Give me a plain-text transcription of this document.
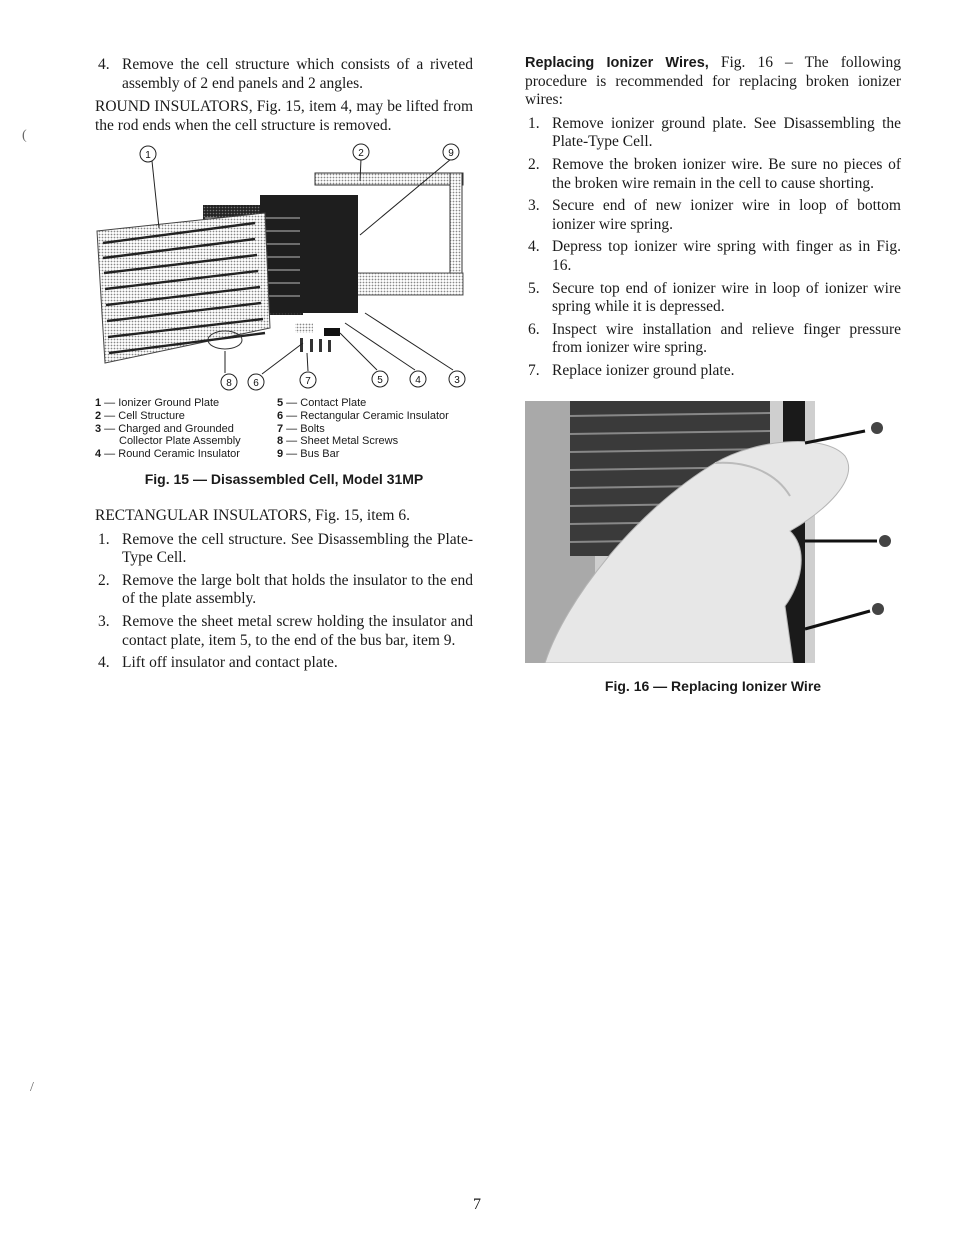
(
/
4. Remove the cell structure which consists of a riveted assembly of 2 end panels and 2 angles.

ROUND INSULATORS, Fig. 15, item 4, may be lifted from the rod ends when the cell structure is removed.

1	2	9
8 6	7	5	4	3
1 — Ionizer Ground Plate	5 — Contact Plate
2 — Cell Structure	6 — Rectangular Ceramic Insulator
3 — Charged and Grounded	7 — Bolts
Collector Plate Assembly	8 — Sheet Metal Screws
4 — Round Ceramic Insulator	9 — Bus Bar
Fig. 15 — Disassembled Cell, Model 31MP

RECTANGULAR INSULATORS, Fig. 15, item 6.

1. Remove the cell structure. See Disassembling the Plate-Type Cell.
2. Remove the large bolt that holds the insulator to the end of the plate assembly.
3. Remove the sheet metal screw holding the insulator and contact plate, item 5, to the end of the bus bar, item 9.
4. Lift off insulator and contact plate.

Replacing Ionizer Wires, Fig. 16 – The following procedure is recommended for replacing broken ionizer wires:

1. Remove ionizer ground plate. See Disassembling the Plate-Type Cell.
2. Remove the broken ionizer wire. Be sure no pieces of the broken wire remain in the cell to cause shorting.
3. Secure end of new ionizer wire in loop of bottom ionizer wire spring.
4. Depress top ionizer wire spring with finger as in Fig. 16.
5. Secure top end of ionizer wire in loop of ionizer wire spring while it is depressed.
6. Inspect wire installation and relieve finger pressure from ionizer wire spring.
7. Replace ionizer ground plate.
Fig. 16 — Replacing Ionizer Wire
7
